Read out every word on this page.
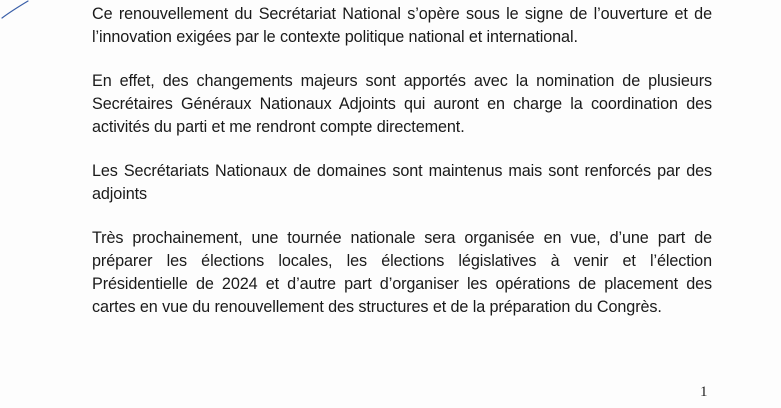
Ce renouvellement du Secrétariat National s’opère sous le signe de l’ouverture et de l’innovation exigées par le contexte politique national et international.

En effet, des changements majeurs sont apportés avec la nomination de plusieurs Secrétaires Généraux Nationaux Adjoints qui auront en charge la coordination des activités du parti et me rendront compte directement.

Les Secrétariats Nationaux de domaines sont maintenus mais sont renforcés par des adjoints

Très prochainement, une tournée nationale sera organisée en vue, d’une part de préparer les élections locales, les élections législatives à venir et l’élection Présidentielle de 2024 et d’autre part d’organiser les opérations de placement des cartes en vue du renouvellement des structures et de la préparation du Congrès.

1
